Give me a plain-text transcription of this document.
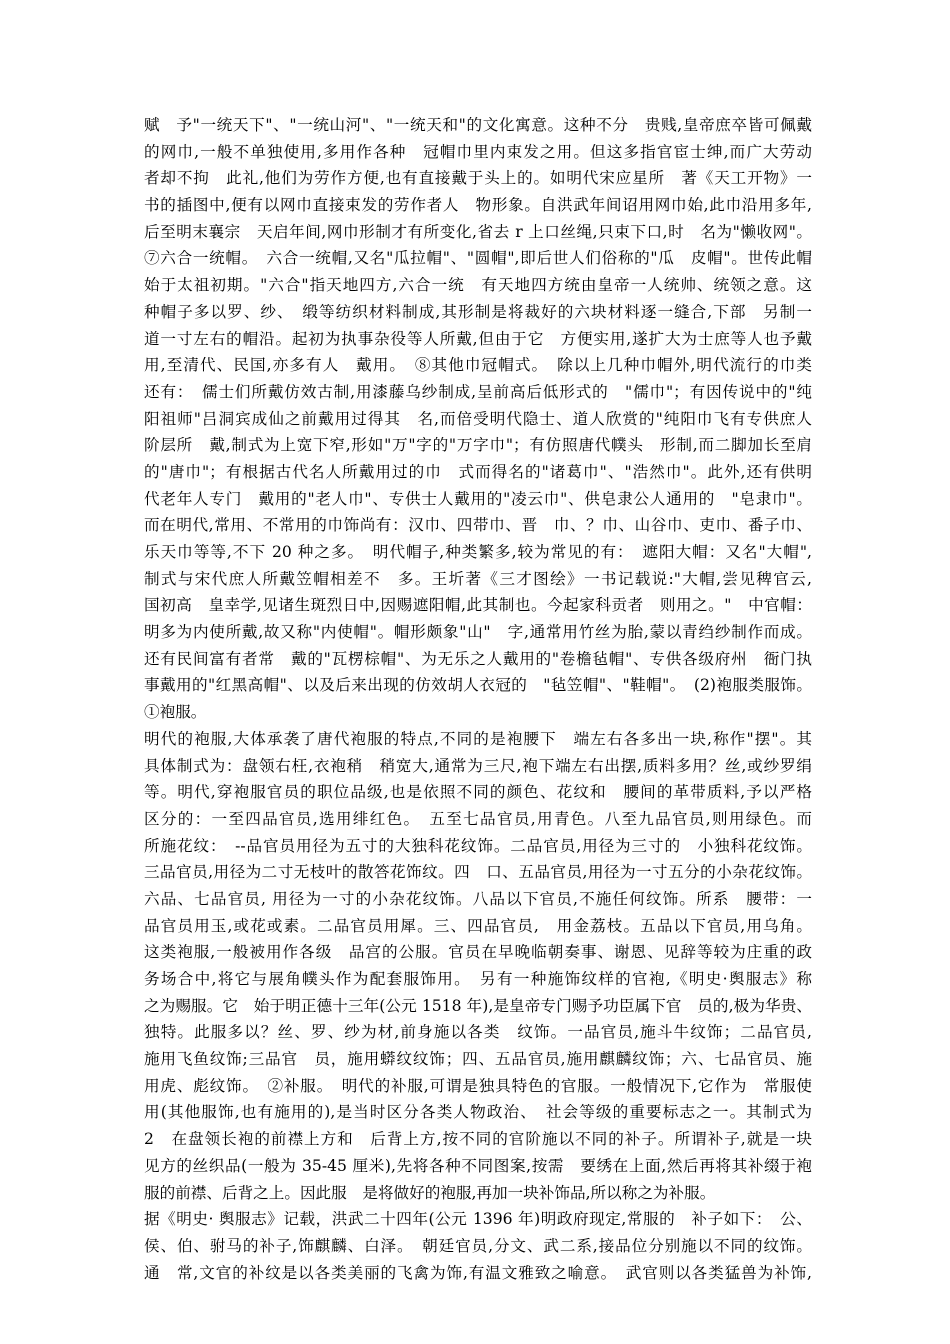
赋　予"一统天下"、"一统山河"、"一统天和"的文化寓意。这种不分　贵贱,皇帝庶卒皆可佩戴
的网巾,一般不单独使用,多用作各种　冠帽巾里内束发之用。但这多指官宦士绅,而广大劳动
者却不拘　此礼,他们为劳作方便,也有直接戴于头上的。如明代宋应星所　著《天工开物》一
书的插图中,便有以网巾直接束发的劳作者人　物形象。自洪武年间诏用网巾始,此巾沿用多年,
后至明末襄宗　天启年间,网巾形制才有所变化,省去 r 上口丝绳,只束下口,时　名为"懒收网"。
⑦六合一统帽。　六合一统帽,又名"瓜拉帽"、"圆帽",即后世人们俗称的"瓜　皮帽"。世传此帽
始于太祖初期。"六合"指天地四方,六合一统　有天地四方统由皇帝一人统帅、统领之意。这
种帽子多以罗、纱、　缎等纺织材料制成,其形制是将裁好的六块材料逐一缝合,下部　另制一
道一寸左右的帽沿。起初为执事杂役等人所戴,但由于它　方便实用,遂扩大为士庶等人也予戴
用,至清代、民国,亦多有人　戴用。　⑧其他巾冠帽式。　除以上几种巾帽外,明代流行的巾类
还有：　儒士们所戴仿效古制,用漆藤乌纱制成,呈前高后低形式的　"儒巾"；有因传说中的"纯
阳祖师"吕洞宾成仙之前戴用过得其　名,而倍受明代隐士、道人欣赏的"纯阳巾飞有专供庶人
阶层所　戴,制式为上宽下窄,形如"万"字的"万字巾"；有仿照唐代幞头　形制,而二脚加长至肩
的"唐巾"；有根据古代名人所戴用过的巾　式而得名的"诸葛巾"、"浩然巾"。此外,还有供明
代老年人专门　戴用的"老人巾"、专供士人戴用的"凌云巾"、供皂隶公人通用的　"皂隶巾"。
而在明代,常用、不常用的巾饰尚有：汉巾、四带巾、晋　巾、？巾、山谷巾、吏巾、番子巾、
乐天巾等等,不下 20 种之多。　明代帽子,种类繁多,较为常见的有：　遮阳大帽：又名"大帽",
制式与宋代庶人所戴笠帽相差不　多。王圻著《三才图绘》一书记载说:"大帽,尝见稗官云,
国初高　皇幸学,见诸生斑烈日中,因赐遮阳帽,此其制也。今起家科贡者　则用之。"　中官帽：
明多为内使所戴,故又称"内使帽"。帽形颇象"山"　字,通常用竹丝为胎,蒙以青绉纱制作而成。
还有民间富有者常　戴的"瓦楞棕帽"、为无乐之人戴用的"卷檐毡帽"、专供各级府州　衙门执
事戴用的"红黑高帽"、以及后来出现的仿效胡人衣冠的　"毡笠帽"、"鞋帽"。　(2)袍服类服饰。
①袍服。
明代的袍服,大体承袭了唐代袍服的特点,不同的是袍腰下　端左右各多出一块,称作"摆"。其
具体制式为：盘领右枉,衣袍稍　稍宽大,通常为三尺,袍下端左右出摆,质料多用？丝,或纱罗绢
等。明代,穿袍服官员的职位品级,也是依照不同的颜色、花纹和　腰间的革带质料,予以严格
区分的：一至四品官员,选用绯红色。　五至七品官员,用青色。八至九品官员,则用绿色。而
所施花纹：　--品官员用径为五寸的大独科花纹饰。二品官员,用径为三寸的　小独科花纹饰。
三品官员,用径为二寸无枝叶的散答花饰纹。四　口、五品官员,用径为一寸五分的小杂花纹饰。
六品、七品官员, 用径为一寸的小杂花纹饰。八品以下官员,不施任何纹饰。所系　腰带：一
品官员用玉,或花或素。二品官员用犀。三、四品官员,　用金荔枝。五品以下官员,用乌角。
这类袍服,一般被用作各级　品宫的公服。官员在早晚临朝奏事、谢恩、见辞等较为庄重的政
务场合中,将它与展角幞头作为配套服饰用。　另有一种施饰纹样的官袍,《明史·舆服志》称
之为赐服。它　始于明正德十三年(公元 1518 年),是皇帝专门赐予功臣属下官　员的,极为华贵、
独特。此服多以？丝、罗、纱为材,前身施以各类　纹饰。一品官员,施斗牛纹饰；二品官员,
施用飞鱼纹饰;三品官　员，施用蟒纹纹饰；四、五品官员,施用麒麟纹饰；六、七品官员、施
用虎、彪纹饰。　②补服。　明代的补服,可谓是独具特色的官服。一般情况下,它作为　常服使
用(其他服饰,也有施用的),是当时区分各类人物政治、　社会等级的重要标志之一。其制式为
2　在盘领长袍的前襟上方和　后背上方,按不同的官阶施以不同的补子。所谓补子,就是一块
见方的丝织品(一般为 35-45 厘米),先将各种不同图案,按需　要绣在上面,然后再将其补缀于袍
服的前襟、后背之上。因此服　是将做好的袍服,再加一块补饰品,所以称之为补服。
据《明史· 舆服志》记载，洪武二十四年(公元 1396 年)明政府现定,常服的　补子如下：　公、
侯、伯、驸马的补子,饰麒麟、白泽。　朝廷官员,分文、武二系,接品位分别施以不同的纹饰。
通　常,文官的补纹是以各类美丽的飞禽为饰,有温文雅致之喻意。　武官则以各类猛兽为补饰,
